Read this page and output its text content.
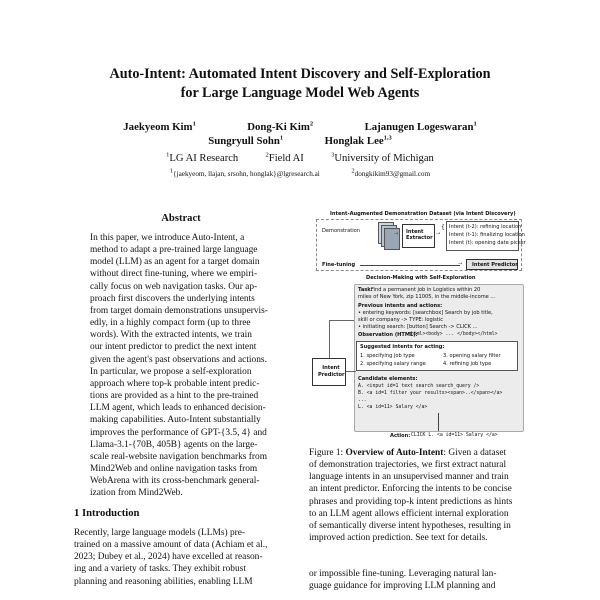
Auto-Intent: Automated Intent Discovery and Self-Exploration
for Large Language Model Web Agents
Jaekyeom Kim$^1$	Dong-Ki Kim$^2$	Lajanugen Logeswaran$^1$
Sungryull Sohn$^1$	Honglak Lee$^{1,3}$
$^1$LG AI Research	$^2$Field AI	$^3$University of Michigan
$^1${jaekyeom, llajan, srsohn, honglak}@lgresearch.ai	$^2$dongkikim93@gmail.com
Abstract

In this paper, we introduce Auto-Intent, a

method to adapt a pre-trained large language

model (LLM) as an agent for a target domain

without direct fine-tuning, where we empiri-

cally focus on web navigation tasks. Our ap-

proach first discovers the underlying intents

from target domain demonstrations unsupervis-

edly, in a highly compact form (up to three

words). With the extracted intents, we train

our intent predictor to predict the next intent

given the agent's past observations and actions.

In particular, we propose a self-exploration

approach where top-k probable intent predic-

tions are provided as a hint to the pre-trained

LLM agent, which leads to enhanced decision-

making capabilities. Auto-Intent substantially

improves the performance of GPT-{3.5, 4} and

Llama-3.1-{70B, 405B} agents on the large-

scale real-website navigation benchmarks from

Mind2Web and online navigation tasks from

WebArena with its cross-benchmark general-

ization from Mind2Web.

1 Introduction

Recently, large language models (LLMs) pre-

trained on a massive amount of data (Achiam et al.,

2023; Dubey et al., 2024) have excelled at reason-

ing and a variety of tasks. They exhibit robust

planning and reasoning abilities, enabling LLM

Intent-Augmented Demonstration Dataset (via Intent Discovery)
Demonstration	Intent Extractor
→	→
{ Intent (t-2): refining location
Intent (t-1): finalizing location
Intent (t): opening date picker
Fine-tuning	→ Intent Predictor
Decision-Making with Self-Exploration
Task:
Find a permanent job in Logistics within 20
miles of New York, zip 11005, in the middle-income ...
Previous intents and actions:
• entering keywords: [searchbox] Search by job title,
skill or company -> TYPE: logistic
• initiating search: [button] Search -> CLICK ...
Observation (HTML):
<html><body> ... </body></html>
Intent Predictor
Suggested intents for acting:
1. specifying job type	3. opening salary filter
2. specifying salary range	4. refining job type
Candidate elements:
A. <input id=1 text search search_query />
B. <a id=1 filter your results><span>..</span></a>
...
L. <a id=11> Salary </a>
Action: CLICK L. <a id=11> Salary </a>

Figure 1: Overview of Auto-Intent: Given a dataset

of demonstration trajectories, we first extract natural

language intents in an unsupervised manner and train

an intent predictor. Enforcing the intents to be concise

phrases and providing top-k intent predictions as hints

to an LLM agent allows efficient internal exploration

of semantically diverse intent hypotheses, resulting in

improved action prediction. See text for details.

or impossible fine-tuning. Leveraging natural lan-

guage guidance for improving LLM planning and
